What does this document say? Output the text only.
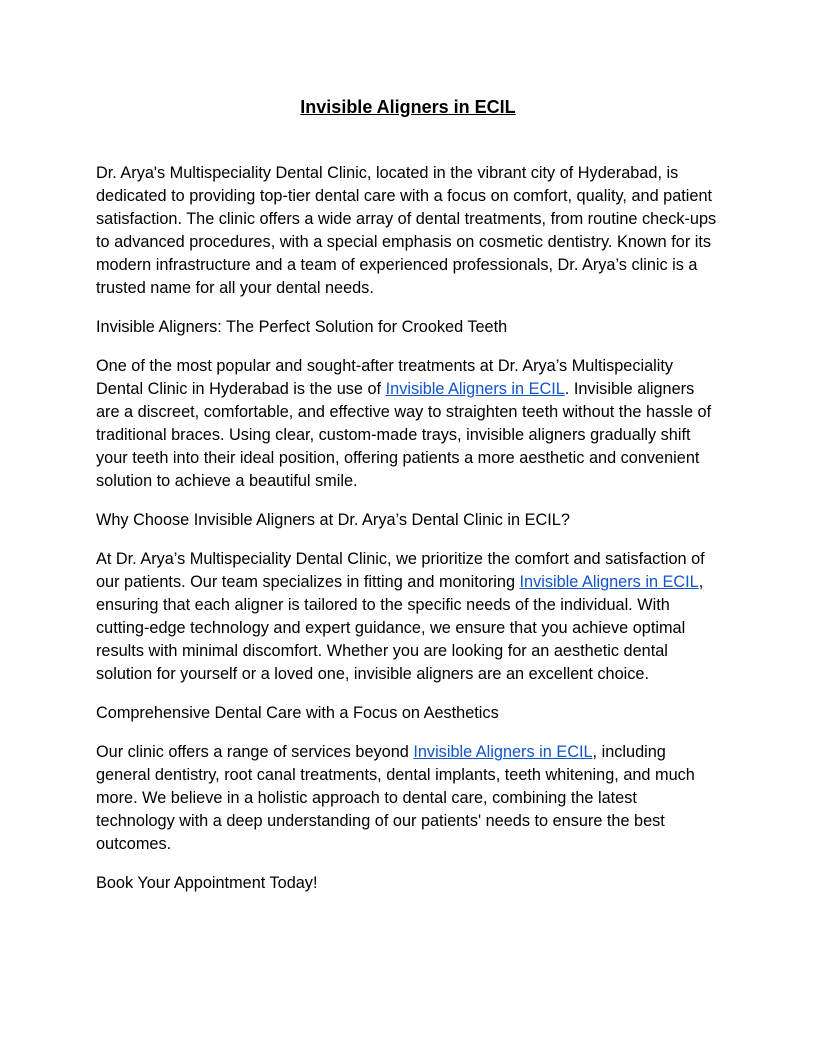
Invisible Aligners in ECIL

Dr. Arya's Multispeciality Dental Clinic, located in the vibrant city of Hyderabad, is dedicated to providing top-tier dental care with a focus on comfort, quality, and patient satisfaction. The clinic offers a wide array of dental treatments, from routine check-ups to advanced procedures, with a special emphasis on cosmetic dentistry. Known for its modern infrastructure and a team of experienced professionals, Dr. Arya’s clinic is a trusted name for all your dental needs.

Invisible Aligners: The Perfect Solution for Crooked Teeth

One of the most popular and sought-after treatments at Dr. Arya’s Multispeciality Dental Clinic in Hyderabad is the use of Invisible Aligners in ECIL. Invisible aligners are a discreet, comfortable, and effective way to straighten teeth without the hassle of traditional braces. Using clear, custom-made trays, invisible aligners gradually shift your teeth into their ideal position, offering patients a more aesthetic and convenient solution to achieve a beautiful smile.

Why Choose Invisible Aligners at Dr. Arya’s Dental Clinic in ECIL?

At Dr. Arya’s Multispeciality Dental Clinic, we prioritize the comfort and satisfaction of our patients. Our team specializes in fitting and monitoring Invisible Aligners in ECIL, ensuring that each aligner is tailored to the specific needs of the individual. With cutting-edge technology and expert guidance, we ensure that you achieve optimal results with minimal discomfort. Whether you are looking for an aesthetic dental solution for yourself or a loved one, invisible aligners are an excellent choice.

Comprehensive Dental Care with a Focus on Aesthetics

Our clinic offers a range of services beyond Invisible Aligners in ECIL, including general dentistry, root canal treatments, dental implants, teeth whitening, and much more. We believe in a holistic approach to dental care, combining the latest technology with a deep understanding of our patients' needs to ensure the best outcomes.

Book Your Appointment Today!
